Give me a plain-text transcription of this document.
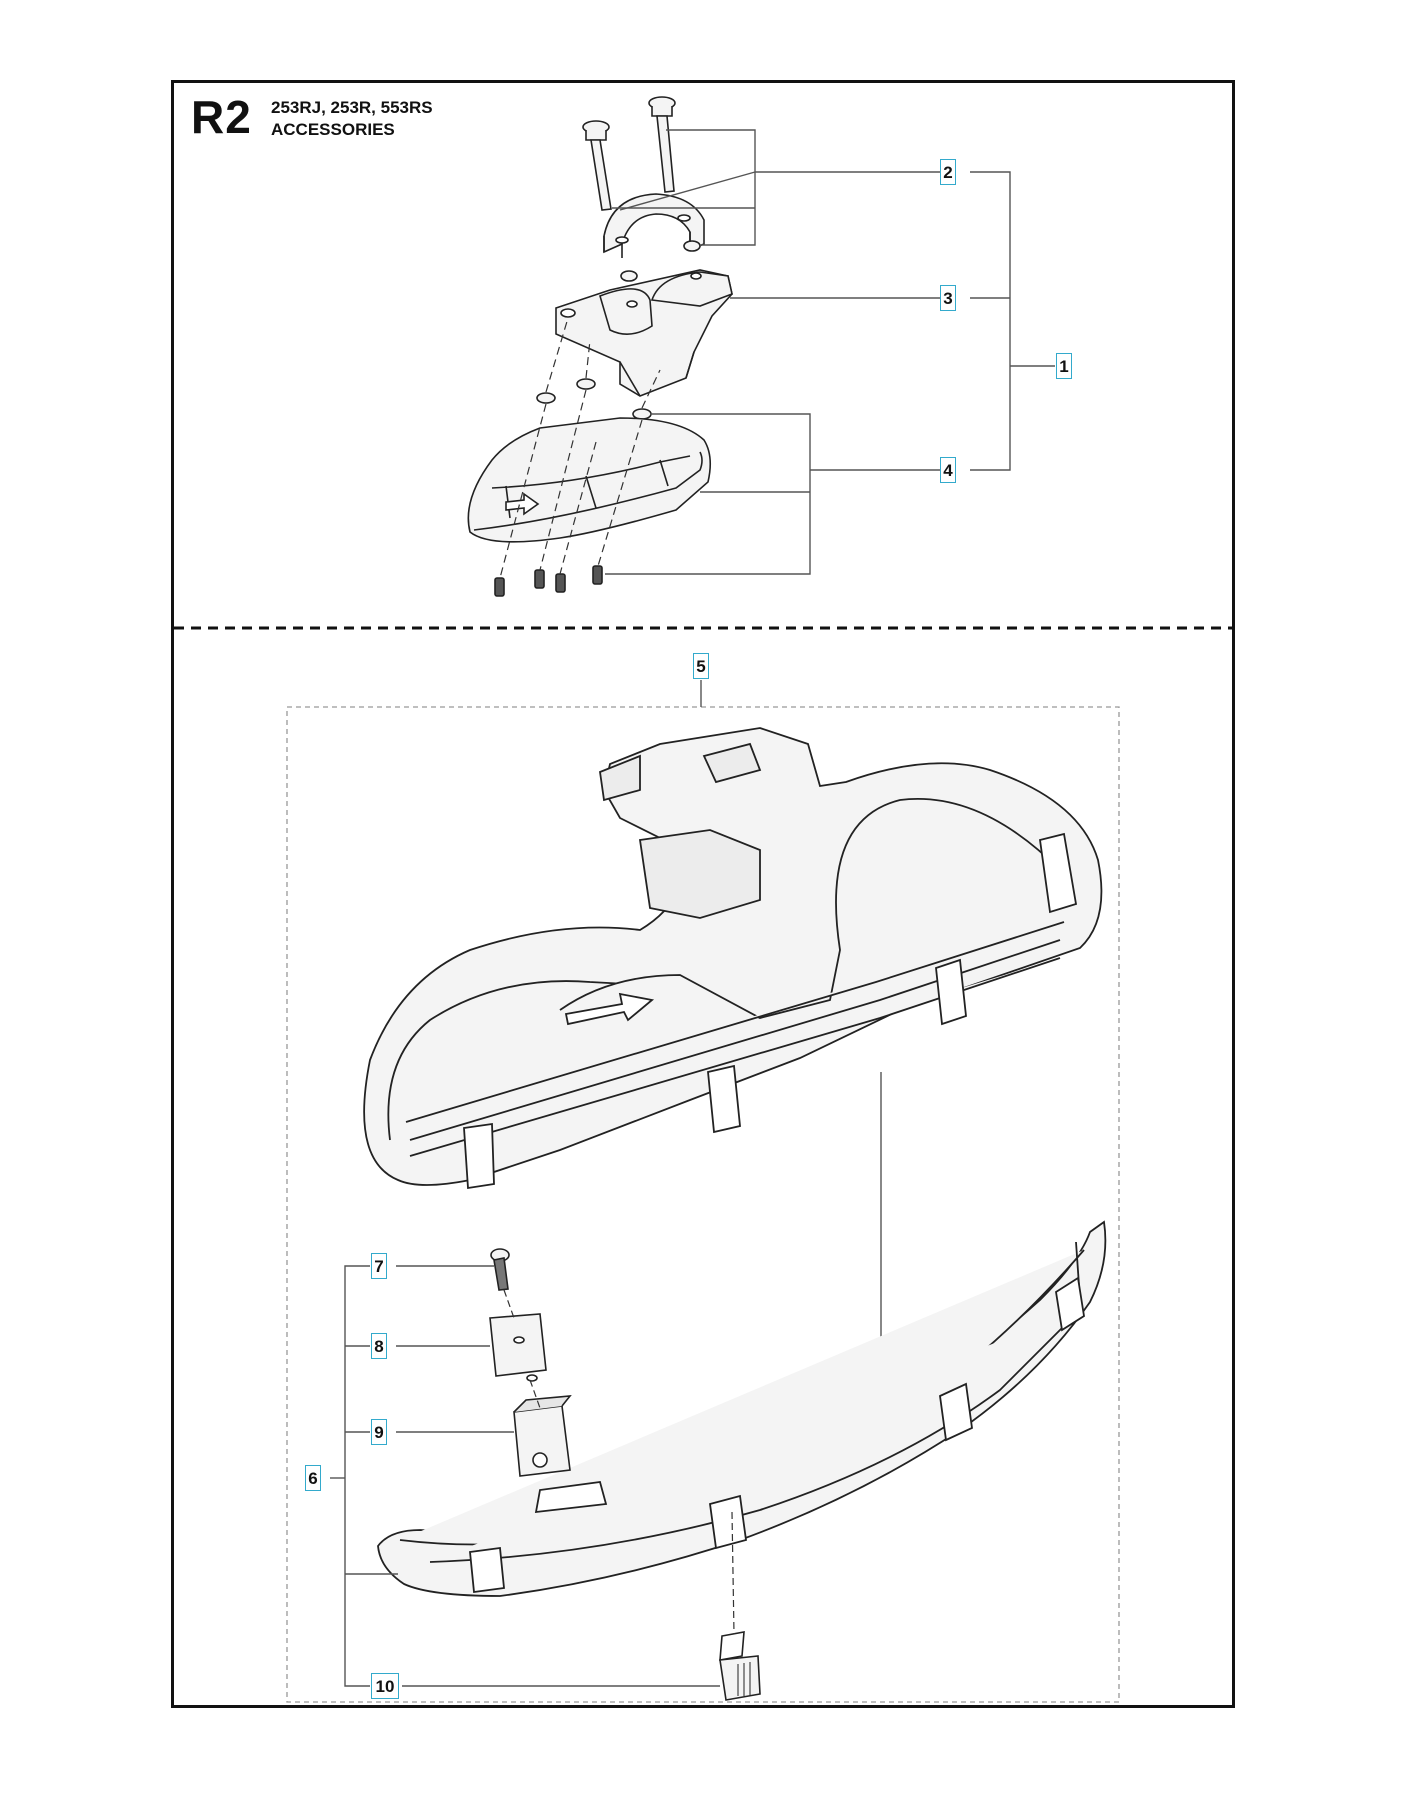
R2 253RJ, 253R, 553RS
ACCESSORIES
2
3
1
4
5
7
8
9
6
10
